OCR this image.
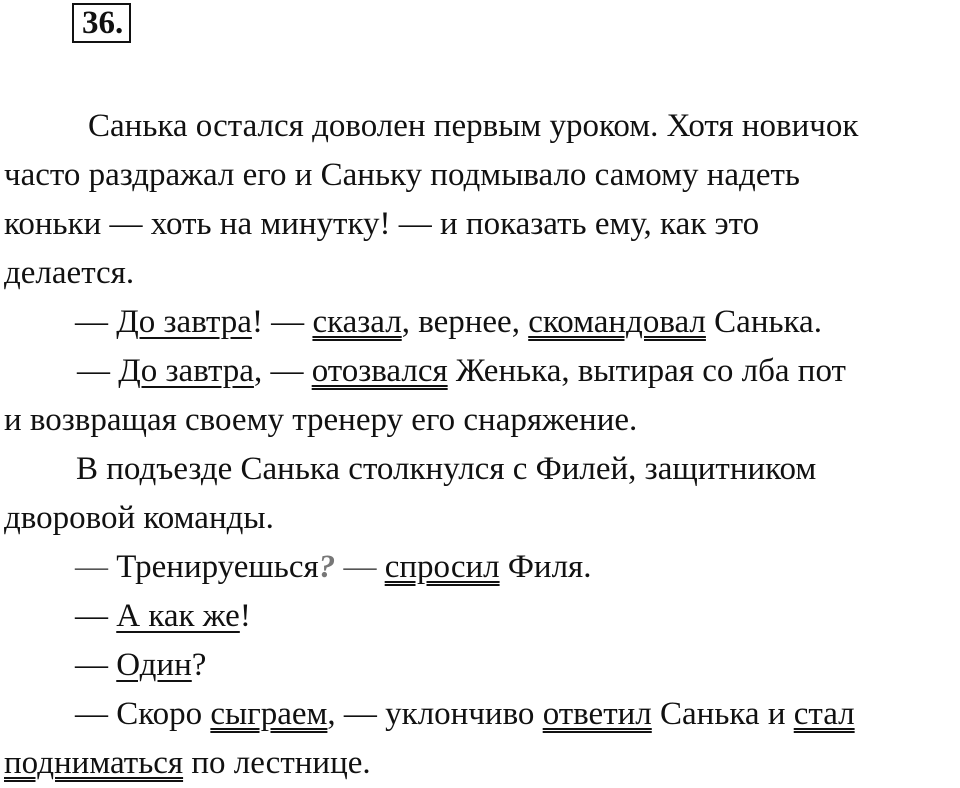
36.
Санька остался доволен первым уроком. Хотя новичок
часто раздражал его и Саньку подмывало самому надеть
коньки — хоть на минутку! — и показать ему, как это
делается.
— До завтра! — сказал, вернее, скомандовал Санька.
— До завтра, — отозвался Женька, вытирая со лба пот
и возвращая своему тренеру его снаряжение.
В подъезде Санька столкнулся с Филей, защитником
дворовой команды.
— Тренируешься? — спросил Филя.
— А как же!
— Один?
— Скоро сыграем, — уклончиво ответил Санька и стал
подниматься по лестнице.
